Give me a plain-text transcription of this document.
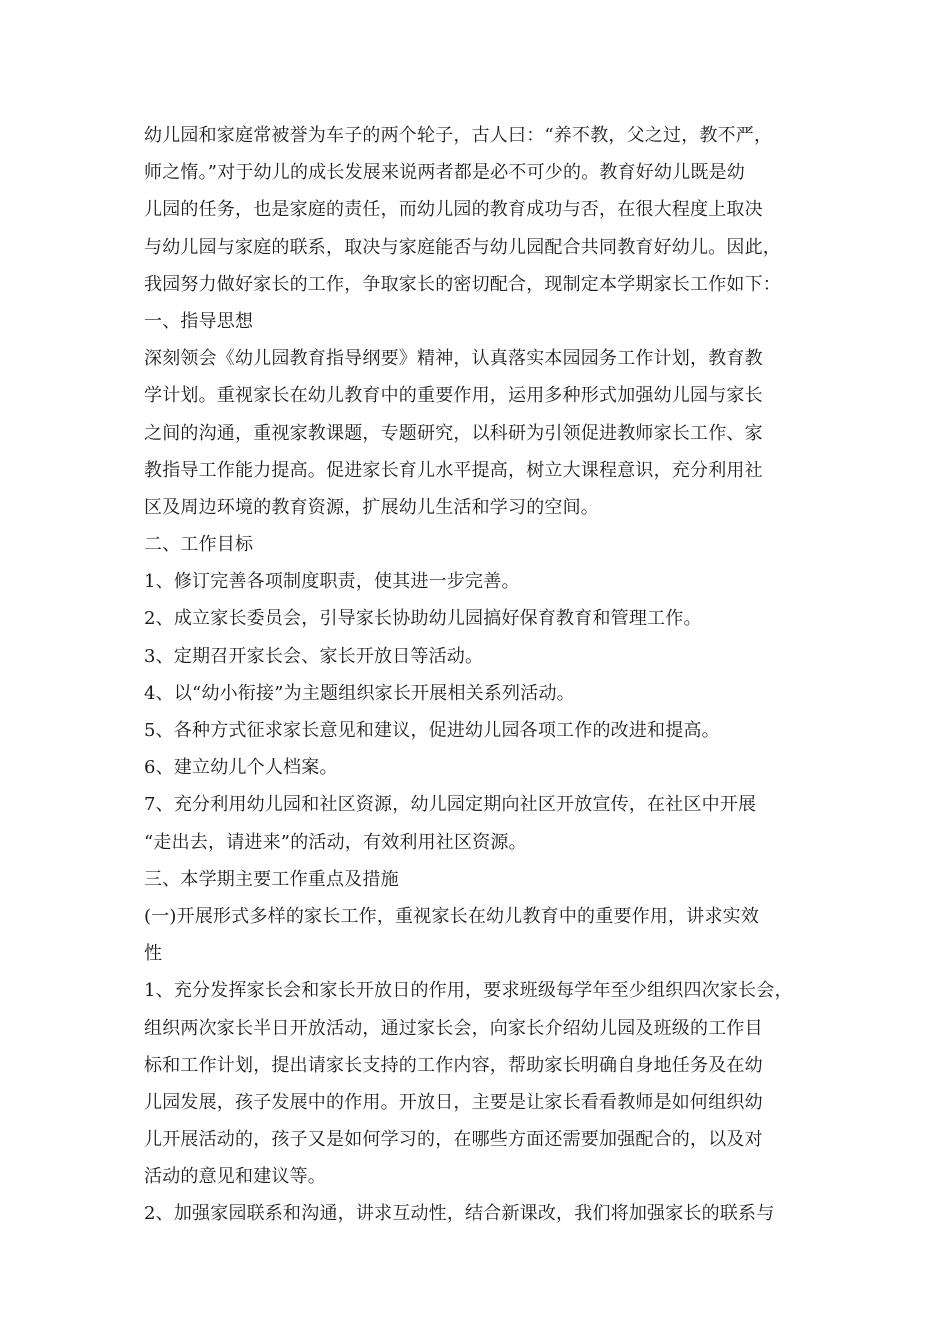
幼儿园和家庭常被誉为车子的两个轮子，古人曰：“养不教，父之过，教不严，
师之惰。”对于幼儿的成长发展来说两者都是必不可少的。教育好幼儿既是幼
儿园的任务，也是家庭的责任，而幼儿园的教育成功与否，在很大程度上取决
与幼儿园与家庭的联系，取决与家庭能否与幼儿园配合共同教育好幼儿。因此，
我园努力做好家长的工作，争取家长的密切配合，现制定本学期家长工作如下：
一、指导思想
深刻领会《幼儿园教育指导纲要》精神，认真落实本园园务工作计划，教育教
学计划。重视家长在幼儿教育中的重要作用，运用多种形式加强幼儿园与家长
之间的沟通，重视家教课题，专题研究，以科研为引领促进教师家长工作、家
教指导工作能力提高。促进家长育儿水平提高，树立大课程意识，充分利用社
区及周边环境的教育资源，扩展幼儿生活和学习的空间。
二、工作目标
1、修订完善各项制度职责，使其进一步完善。
2、成立家长委员会，引导家长协助幼儿园搞好保育教育和管理工作。
3、定期召开家长会、家长开放日等活动。
4、以“幼小衔接”为主题组织家长开展相关系列活动。
5、各种方式征求家长意见和建议，促进幼儿园各项工作的改进和提高。
6、建立幼儿个人档案。
7、充分利用幼儿园和社区资源，幼儿园定期向社区开放宣传，在社区中开展
“走出去，请进来”的活动，有效利用社区资源。
三、本学期主要工作重点及措施
(一)开展形式多样的家长工作，重视家长在幼儿教育中的重要作用，讲求实效
性
1、充分发挥家长会和家长开放日的作用，要求班级每学年至少组织四次家长会，
组织两次家长半日开放活动，通过家长会，向家长介绍幼儿园及班级的工作目
标和工作计划，提出请家长支持的工作内容，帮助家长明确自身地任务及在幼
儿园发展，孩子发展中的作用。开放日，主要是让家长看看教师是如何组织幼
儿开展活动的，孩子又是如何学习的，在哪些方面还需要加强配合的，以及对
活动的意见和建议等。
2、加强家园联系和沟通，讲求互动性，结合新课改，我们将加强家长的联系与
